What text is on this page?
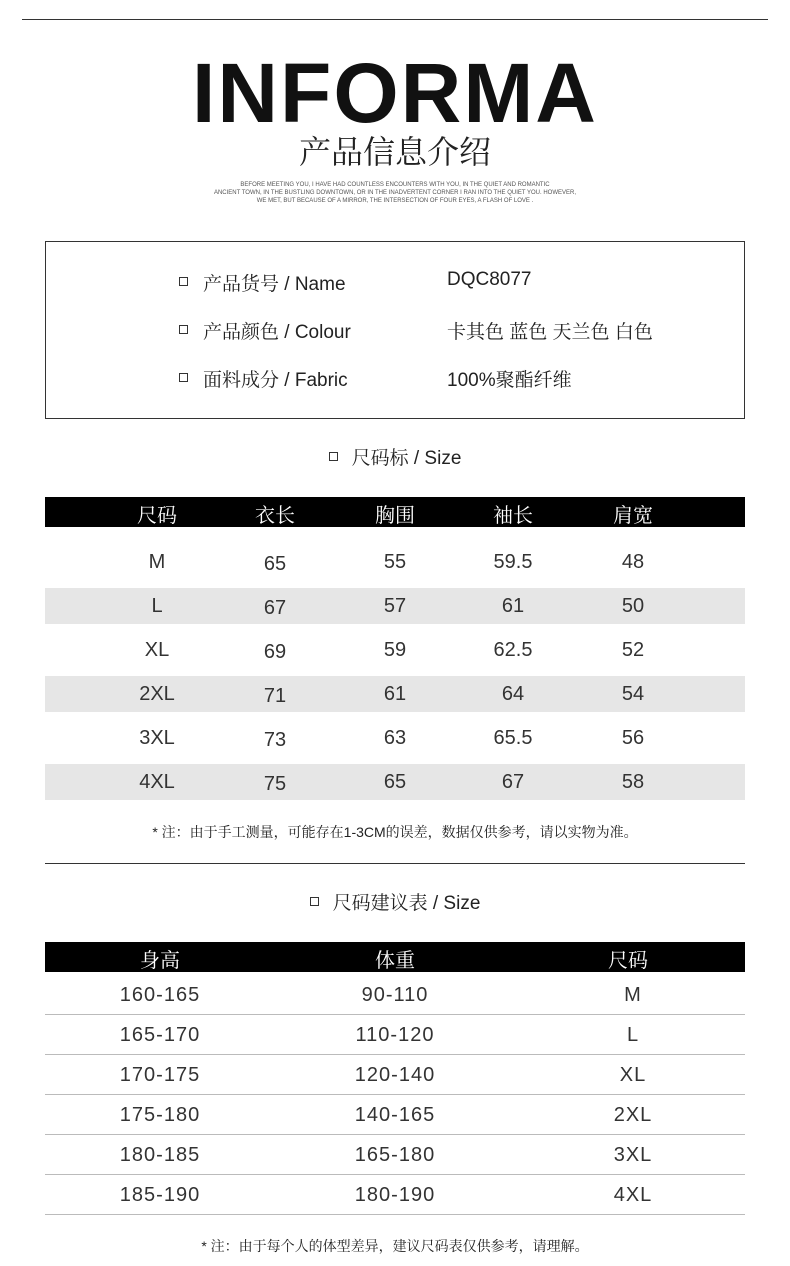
INFORMA
产品信息介绍
BEFORE MEETING YOU, I HAVE HAD COUNTLESS ENCOUNTERS WITH YOU, IN THE QUIET AND ROMANTIC
ANCIENT TOWN, IN THE BUSTLING DOWNTOWN, OR IN THE INADVERTENT CORNER I RAN INTO THE QUIET YOU. HOWEVER,
WE MET, BUT BECAUSE OF A MIRROR, THE INTERSECTION OF FOUR EYES, A FLASH OF LOVE .
产品货号 / Name	DQC8077
产品颜色 / Colour	卡其色 蓝色 天兰色 白色
面料成分 / Fabric	100%聚酯纤维
尺码标 / Size
尺码	衣长	胸围	袖长	肩宽
M	65	55	59.5	48
L	67	57	61	50
XL	69	59	62.5	52
2XL	71	61	64	54
3XL	73	63	65.5	56
4XL	75	65	67	58
* 注：由于手工测量，可能存在1-3CM的误差，数据仅供参考，请以实物为准。
尺码建议表 / Size
身高	体重	尺码
160-165	90-110	M
165-170	110-120	L
170-175	120-140	XL
175-180	140-165	2XL
180-185	165-180	3XL
185-190	180-190	4XL
* 注：由于每个人的体型差异，建议尺码表仅供参考，请理解。
